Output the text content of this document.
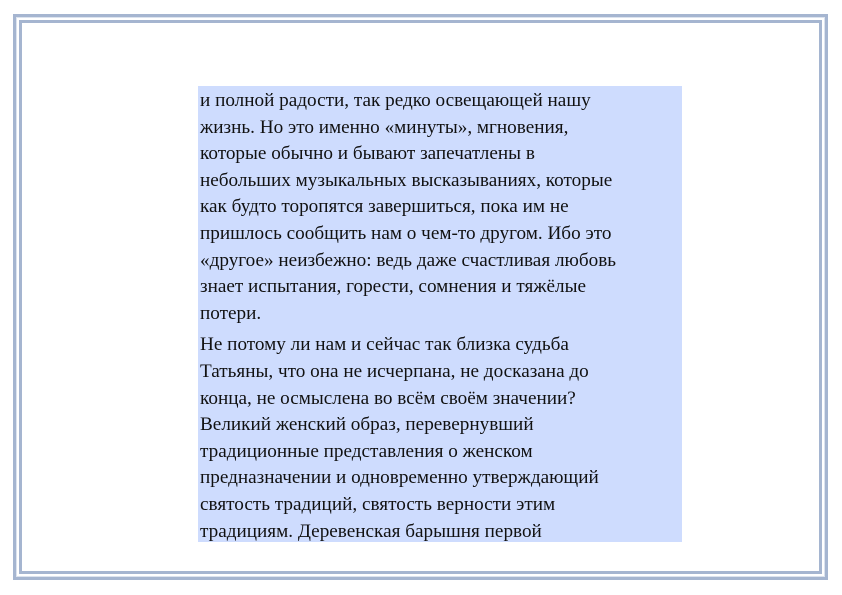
и полной радости, так редко освещающей нашу
жизнь. Но это именно «минуты», мгновения,
которые обычно и бывают запечатлены в
небольших музыкальных высказываниях, которые
как будто торопятся завершиться, пока им не
пришлось сообщить нам о чем-то другом. Ибо это
«другое» неизбежно: ведь даже счастливая любовь
знает испытания, горести, сомнения и тяжёлые
потери.

Не потому ли нам и сейчас так близка судьба
Татьяны, что она не исчерпана, не досказана до
конца, не осмыслена во всём своём значении?
Великий женский образ, перевернувший
традиционные представления о женском
предназначении и одновременно утверждающий
святость традиций, святость верности этим
традициям. Деревенская барышня первой
